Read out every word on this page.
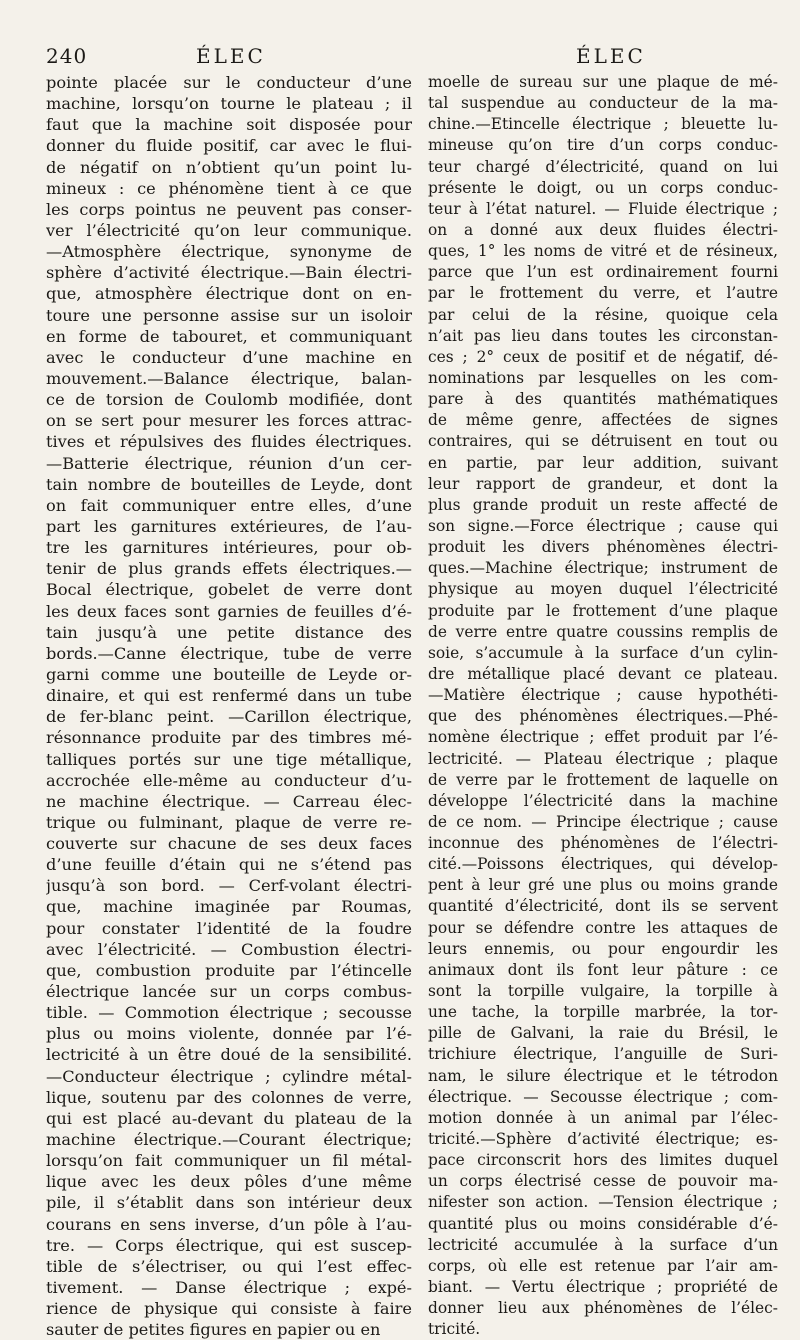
240	ÉLEC	ÉLEC
pointe placée sur le conducteur d’une
machine, lorsqu’on tourne le plateau ; il
faut que la machine soit disposée pour
donner du fluide positif, car avec le flui-
de négatif on n’obtient qu’un point lu-
mineux : ce phénomène tient à ce que
les corps pointus ne peuvent pas conser-
ver l’électricité qu’on leur communique.
—Atmosphère électrique, synonyme de
sphère d’activité électrique.—Bain électri-
que, atmosphère électrique dont on en-
toure une personne assise sur un isoloir
en forme de tabouret, et communiquant
avec le conducteur d’une machine en
mouvement.—Balance électrique, balan-
ce de torsion de Coulomb modifiée, dont
on se sert pour mesurer les forces attrac-
tives et répulsives des fluides électriques.
—Batterie électrique, réunion d’un cer-
tain nombre de bouteilles de Leyde, dont
on fait communiquer entre elles, d’une
part les garnitures extérieures, de l’au-
tre les garnitures intérieures, pour ob-
tenir de plus grands effets électriques.—
Bocal électrique, gobelet de verre dont
les deux faces sont garnies de feuilles d’é-
tain jusqu’à une petite distance des
bords.—Canne électrique, tube de verre
garni comme une bouteille de Leyde or-
dinaire, et qui est renfermé dans un tube
de fer-blanc peint. —Carillon électrique,
résonnance produite par des timbres mé-
talliques portés sur une tige métallique,
accrochée elle-même au conducteur d’u-
ne machine électrique. — Carreau élec-
trique ou fulminant, plaque de verre re-
couverte sur chacune de ses deux faces
d’une feuille d’étain qui ne s’étend pas
jusqu’à son bord. — Cerf-volant électri-
que, machine imaginée par Roumas,
pour constater l’identité de la foudre
avec l’électricité. — Combustion électri-
que, combustion produite par l’étincelle
électrique lancée sur un corps combus-
tible. — Commotion électrique ; secousse
plus ou moins violente, donnée par l’é-
lectricité à un être doué de la sensibilité.
—Conducteur électrique ; cylindre métal-
lique, soutenu par des colonnes de verre,
qui est placé au-devant du plateau de la
machine électrique.—Courant électrique;
lorsqu’on fait communiquer un fil métal-
lique avec les deux pôles d’une même
pile, il s’établit dans son intérieur deux
courans en sens inverse, d’un pôle à l’au-
tre. — Corps électrique, qui est suscep-
tible de s’électriser, ou qui l’est effec-
tivement. — Danse électrique ; expé-
rience de physique qui consiste à faire
sauter de petites figures en papier ou en
moelle de sureau sur une plaque de mé-
tal suspendue au conducteur de la ma-
chine.—Etincelle électrique ; bleuette lu-
mineuse qu’on tire d’un corps conduc-
teur chargé d’électricité, quand on lui
présente le doigt, ou un corps conduc-
teur à l’état naturel. — Fluide électrique ;
on a donné aux deux fluides électri-
ques, 1° les noms de vitré et de résineux,
parce que l’un est ordinairement fourni
par le frottement du verre, et l’autre
par celui de la résine, quoique cela
n’ait pas lieu dans toutes les circonstan-
ces ; 2° ceux de positif et de négatif, dé-
nominations par lesquelles on les com-
pare à des quantités mathématiques
de même genre, affectées de signes
contraires, qui se détruisent en tout ou
en partie, par leur addition, suivant
leur rapport de grandeur, et dont la
plus grande produit un reste affecté de
son signe.—Force électrique ; cause qui
produit les divers phénomènes électri-
ques.—Machine électrique; instrument de
physique au moyen duquel l’électricité
produite par le frottement d’une plaque
de verre entre quatre coussins remplis de
soie, s’accumule à la surface d’un cylin-
dre métallique placé devant ce plateau.
—Matière électrique ; cause hypothéti-
que des phénomènes électriques.—Phé-
nomène électrique ; effet produit par l’é-
lectricité. — Plateau électrique ; plaque
de verre par le frottement de laquelle on
développe l’électricité dans la machine
de ce nom. — Principe électrique ; cause
inconnue des phénomènes de l’électri-
cité.—Poissons électriques, qui dévelop-
pent à leur gré une plus ou moins grande
quantité d’électricité, dont ils se servent
pour se défendre contre les attaques de
leurs ennemis, ou pour engourdir les
animaux dont ils font leur pâture : ce
sont la torpille vulgaire, la torpille à
une tache, la torpille marbrée, la tor-
pille de Galvani, la raie du Brésil, le
trichiure électrique, l’anguille de Suri-
nam, le silure électrique et le tétrodon
électrique. — Secousse électrique ; com-
motion donnée à un animal par l’élec-
tricité.—Sphère d’activité électrique; es-
pace circonscrit hors des limites duquel
un corps électrisé cesse de pouvoir ma-
nifester son action. —Tension électrique ;
quantité plus ou moins considérable d’é-
lectricité accumulée à la surface d’un
corps, où elle est retenue par l’air am-
biant. — Vertu électrique ; propriété de
donner lieu aux phénomènes de l’élec-
tricité.
